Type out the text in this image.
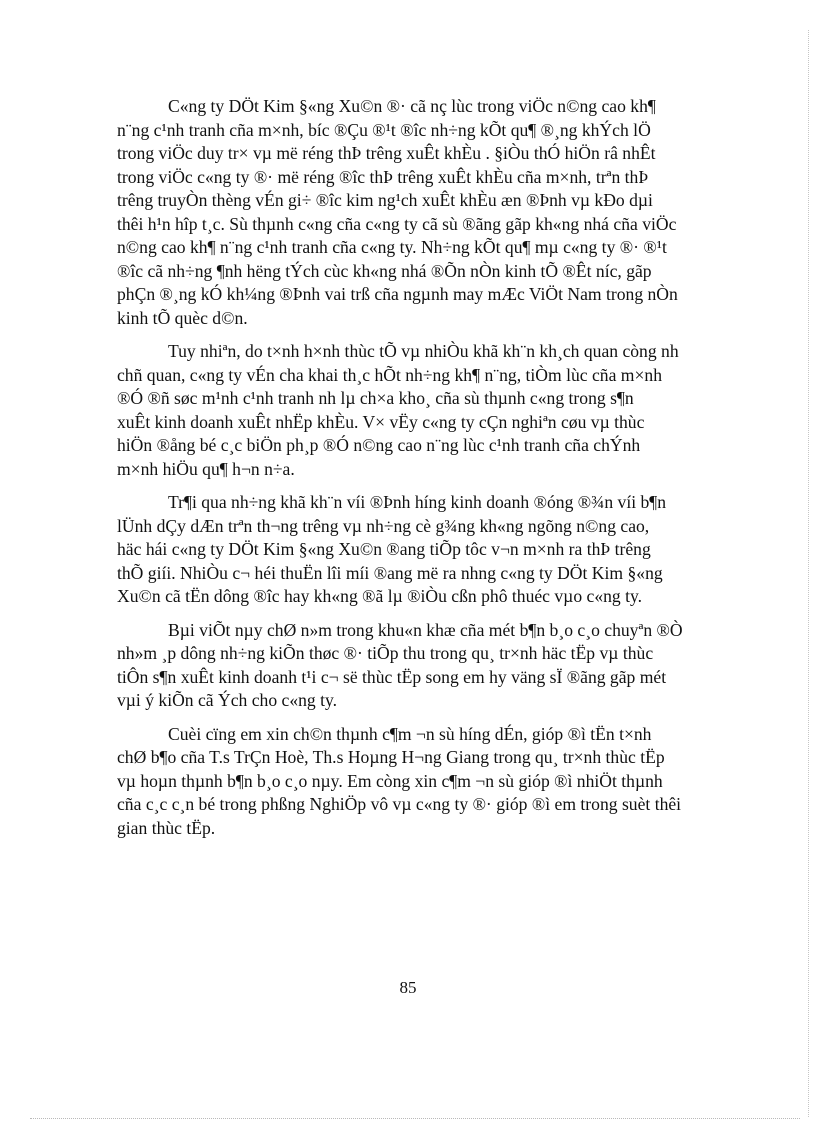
C«ng ty DÖt Kim §«ng Xu©n ®· cã nç lùc trong viÖc n©ng cao kh¶
n¨ng c¹nh tranh cña m×nh, bíc ®Çu ®¹t ®îc nh÷ng kÕt qu¶ ®¸ng khÝch lÖ
trong viÖc duy tr× vµ më réng thÞ trêng xuÊt khÈu . §iÒu thÓ hiÖn râ nhÊt
trong viÖc c«ng ty ®· më réng ®îc thÞ trêng xuÊt khÈu cña m×nh, trªn thÞ
trêng truyÒn thèng vÉn gi÷ ®îc kim ng¹ch xuÊt khÈu æn ®Þnh vµ kÐo dµi
thêi h¹n hîp t¸c. Sù thµnh c«ng cña c«ng ty cã sù ®ãng gãp kh«ng nhá cña viÖc
n©ng cao kh¶ n¨ng c¹nh tranh cña c«ng ty. Nh÷ng kÕt qu¶ mµ c«ng ty ®· ®¹t
®îc cã nh÷ng ¶nh hëng tÝch cùc kh«ng nhá ®Õn nÒn kinh tÕ ®Êt níc, gãp
phÇn ®¸ng kÓ kh¼ng ®Þnh vai trß cña ngµnh may mÆc ViÖt Nam trong nÒn
kinh tÕ quèc d©n.

Tuy nhiªn, do t×nh h×nh thùc tÕ vµ nhiÒu khã kh¨n kh¸ch quan còng nh
chñ quan, c«ng ty vÉn cha khai th¸c hÕt nh÷ng kh¶ n¨ng, tiÒm lùc cña m×nh
®Ó ®ñ søc m¹nh c¹nh tranh nh lµ ch×a kho¸ cña sù thµnh c«ng trong s¶n
xuÊt kinh doanh xuÊt nhËp khÈu. V× vËy c«ng ty cÇn nghiªn cøu vµ thùc
hiÖn ®ång bé c¸c biÖn ph¸p ®Ó n©ng cao n¨ng lùc c¹nh tranh cña chÝnh
m×nh hiÖu qu¶ h¬n n÷a.

Tr¶i qua nh÷ng khã kh¨n víi ®Þnh híng kinh doanh ®óng ®¾n víi b¶n
lÜnh dÇy dÆn trªn th¬ng trêng vµ nh÷ng cè g¾ng kh«ng ngõng n©ng cao,
häc hái c«ng ty DÖt Kim §«ng Xu©n ®ang tiÕp tôc v¬n m×nh ra thÞ trêng
thÕ giíi. NhiÒu c¬ héi thuËn lîi míi ®ang më ra nhng c«ng ty DÖt Kim §«ng
Xu©n cã tËn dông ®îc hay kh«ng ®ã lµ ®iÒu cßn phô thuéc vµo c«ng ty.

Bµi viÕt nµy chØ n»m trong khu«n khæ cña mét b¶n b¸o c¸o chuyªn ®Ò
nh»m ¸p dông nh÷ng kiÕn thøc ®· tiÕp thu trong qu¸ tr×nh häc tËp vµ thùc
tiÔn s¶n xuÊt kinh doanh t¹i c¬ së thùc tËp song em hy väng sÏ ®ãng gãp mét
vµi ý kiÕn cã Ých cho c«ng ty.

Cuèi cïng em xin ch©n thµnh c¶m ¬n sù híng dÉn, gióp ®ì tËn t×nh
chØ b¶o cña T.s TrÇn Hoè, Th.s Hoµng H¬ng Giang trong qu¸ tr×nh thùc tËp
vµ hoµn thµnh b¶n b¸o c¸o nµy. Em còng xin c¶m ¬n sù gióp ®ì nhiÖt thµnh
cña c¸c c¸n bé trong phßng NghiÖp vô vµ c«ng ty ®· gióp ®ì em trong suèt thêi
gian thùc tËp.

85
